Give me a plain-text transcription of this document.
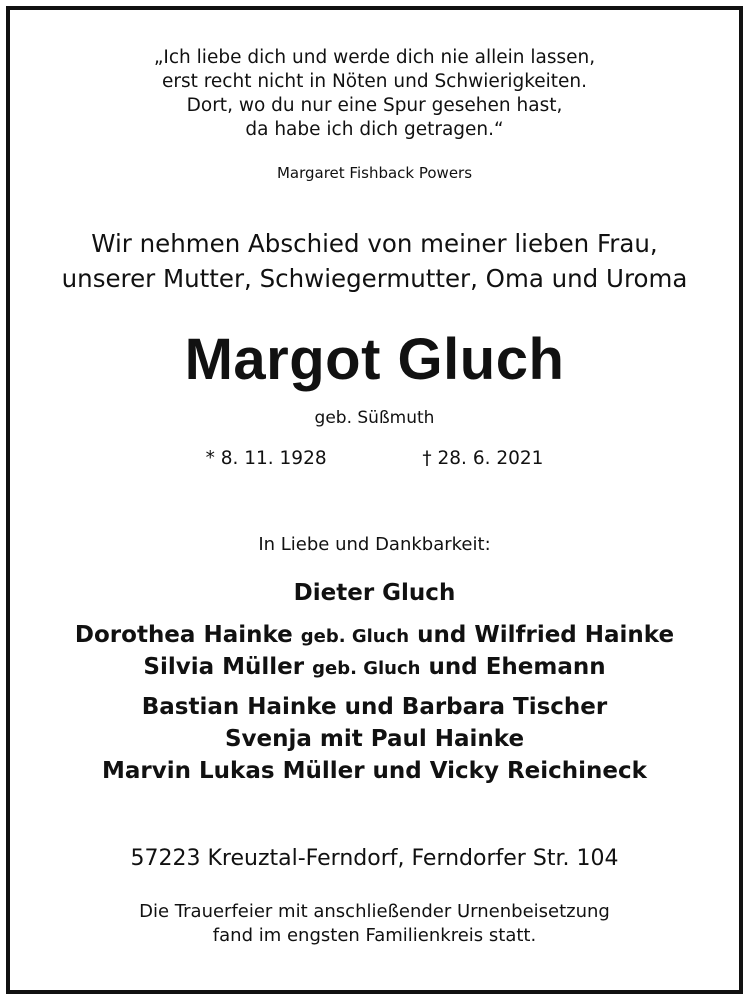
„Ich liebe dich und werde dich nie allein lassen,
erst recht nicht in Nöten und Schwierigkeiten.
Dort, wo du nur eine Spur gesehen hast,
da habe ich dich getragen.“
Margaret Fishback Powers
Wir nehmen Abschied von meiner lieben Frau,
unserer Mutter, Schwiegermutter, Oma und Uroma
Margot Gluch
geb. Süßmuth
* 8. 11. 1928	† 28. 6. 2021
In Liebe und Dankbarkeit:
Dieter Gluch
Dorothea Hainke geb. Gluch und Wilfried Hainke
Silvia Müller geb. Gluch und Ehemann
Bastian Hainke und Barbara Tischer
Svenja mit Paul Hainke
Marvin Lukas Müller und Vicky Reichineck
57223 Kreuztal-Ferndorf, Ferndorfer Str. 104
Die Trauerfeier mit anschließender Urnenbeisetzung
fand im engsten Familienkreis statt.
